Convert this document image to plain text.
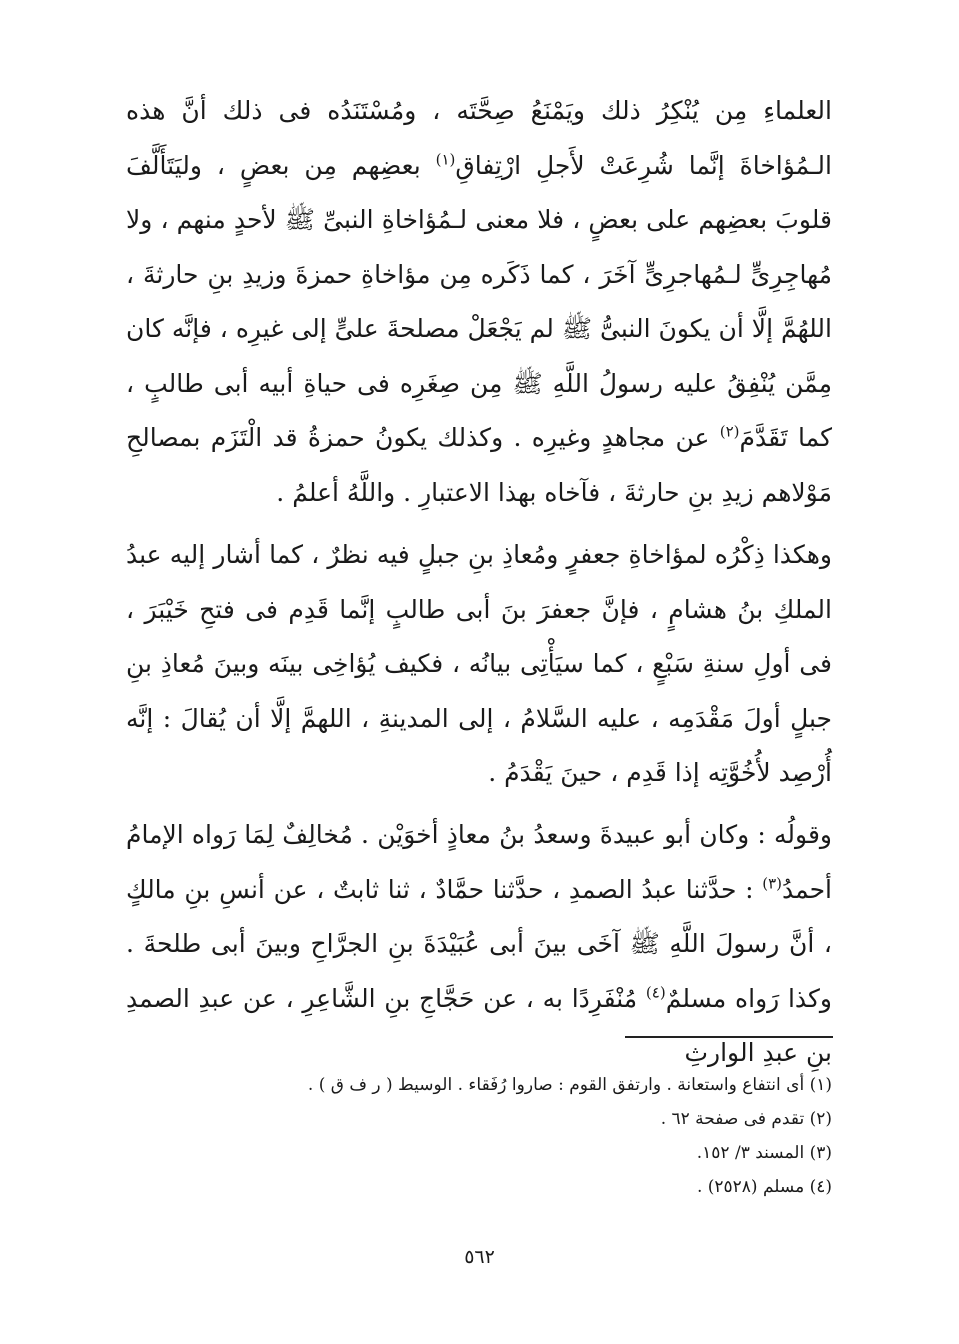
العلماءِ مِن يُنْكِرُ ذلك ويَمْنَعُ صِحَّتَه ، ومُسْتَنَدُه فى ذلك أنَّ هذه الـمُؤاخاةَ إنَّما شُرِعَتْ لأَجلِ ارْتِفاقِ$^{(١)}$ بعضِهم مِن بعضٍ ، وليَتَأَلَّفَ قلوبَ بعضِهم على بعضٍ ، فلا معنى لـمُؤاخاةِ النبىِّ ﷺ لأحدٍ منهم ، ولا مُهاجِرِىٍّ لـمُهاجرِىٍّ آخَرَ ، كما ذَكَره مِن مؤاخاةِ حمزةَ وزيدِ بنِ حارثةَ ، اللهُمَّ إلَّا أن يكونَ النبىُّ ﷺ لم يَجْعَلْ مصلحةَ علىٍّ إلى غيرِه ، فإنَّه كان مِمَّن يُنْفِقُ عليه رسولُ اللَّهِ ﷺ مِن صِغَرِه فى حياةِ أبيه أبى طالبٍ ، كما تَقَدَّمَ$^{(٢)}$ عن مجاهدٍ وغيرِه . وكذلك يكونُ حمزةُ قد الْتَزَم بمصالحِ مَوْلاهم زيدِ بنِ حارثةَ ، فآخاه بهذا الاعتبارِ . واللَّهُ أعلمُ .

وهكذا ذِكْرُه لمؤاخاةِ جعفرٍ ومُعاذِ بنِ جبلٍ فيه نظرٌ ، كما أشار إليه عبدُ الملكِ بنُ هشامٍ ، فإنَّ جعفرَ بنَ أبى طالبٍ إنَّما قَدِم فى فتحِ خَيْبَرَ ، فى أولِ سنةِ سَبْعٍ ، كما سيَأْتِى بيانُه ، فكيف يُؤاخِى بينَه وبينَ مُعاذِ بنِ جبلٍ أولَ مَقْدَمِه ، عليه السَّلامُ ، إلى المدينةِ ، اللهمَّ إلَّا أن يُقالَ : إنَّه أُرْصِد لأُخُوَّتِه إذا قَدِم ، حينَ يَقْدَمُ .

وقولُه : وكان أبو عبيدةَ وسعدُ بنُ معاذٍ أخوَيْن . مُخالِفٌ لِمَا رَواه الإمامُ أحمدُ$^{(٣)}$ : حدَّثنا عبدُ الصمدِ ، حدَّثنا حمَّادٌ ، ثنا ثابتٌ ، عن أنسِ بنِ مالكٍ ، أنَّ رسولَ اللَّهِ ﷺ آخَى بينَ أبى عُبَيْدَةَ بنِ الجرَّاحِ وبينَ أبى طلحةَ . وكذا رَواه مسلمٌ$^{(٤)}$ مُنْفَرِدًا به ، عن حَجَّاجِ بنِ الشَّاعِرِ ، عن عبدِ الصمدِ بنِ عبدِ الوارثِ

(١) أى انتفاع واستعانة . وارتفق القوم : صاروا رُفَقاء . الوسيط ( ر ف ق ) .
(٢) تقدم فى صفحة ٦٢ .
(٣) المسند ٣/ ١٥٢.
(٤) مسلم (٢٥٢٨) .
٥٦٢
